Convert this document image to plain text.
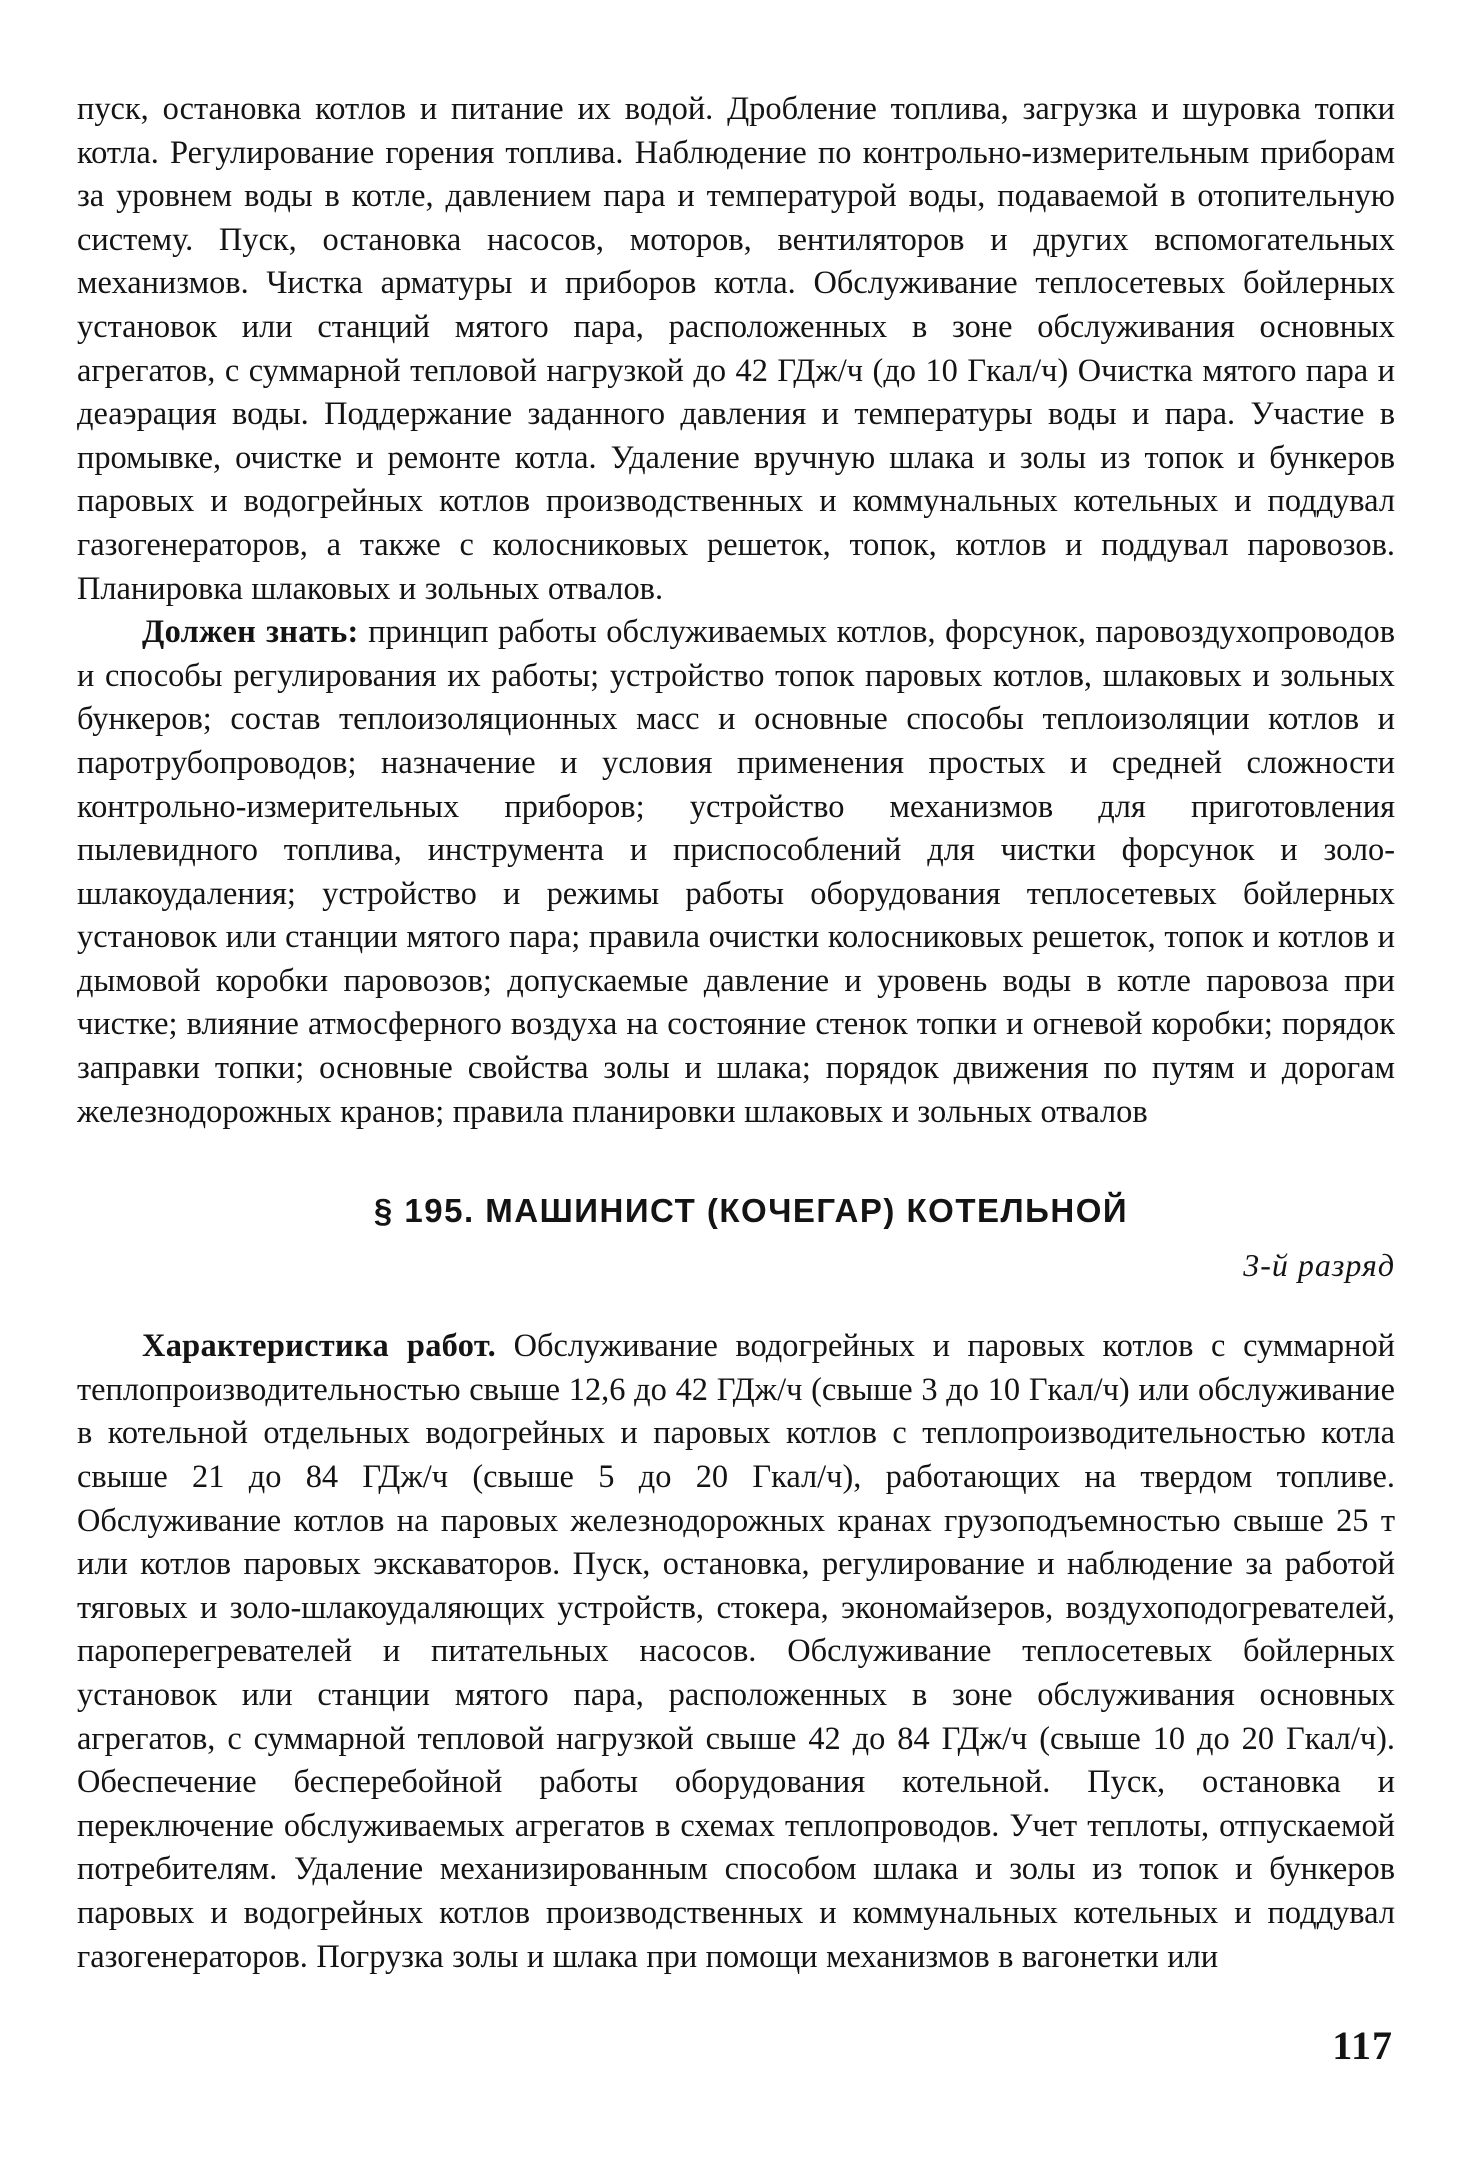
пуск, остановка котлов и питание их водой. Дробление топлива, загрузка и шуровка топки котла. Регулирование горения топлива. Наблюдение по контрольно-измерительным приборам за уровнем воды в котле, давлением пара и температурой воды, подаваемой в отопительную систему. Пуск, остановка насосов, моторов, вентиляторов и других вспомогательных механизмов. Чистка арматуры и приборов котла. Обслуживание теплосетевых бойлерных установок или станций мятого пара, расположенных в зоне обслуживания основных агрегатов, с суммарной тепловой нагрузкой до 42 ГДж/ч (до 10 Гкал/ч) Очистка мятого пара и деаэрация воды. Поддержание заданного давления и температуры воды и пара. Участие в промывке, очистке и ремонте котла. Удаление вручную шлака и золы из топок и бункеров паровых и водогрейных котлов производственных и коммунальных котельных и поддувал газогенераторов, а также с колосниковых решеток, топок, котлов и поддувал паровозов. Планировка шлаковых и зольных отвалов.

Должен знать: принцип работы обслуживаемых котлов, форсунок, паровоздухопроводов и способы регулирования их работы; устройство топок паровых котлов, шлаковых и зольных бункеров; состав теплоизоляционных масс и основные способы теплоизоляции котлов и паротрубопроводов; назначение и условия применения простых и средней сложности контрольно-измерительных приборов; устройство механизмов для приготовления пылевидного топлива, инструмента и приспособлений для чистки форсунок и золо-шлакоудаления; устройство и режимы работы оборудования теплосетевых бойлерных установок или станции мятого пара; правила очистки колосниковых решеток, топок и котлов и дымовой коробки паровозов; допускаемые давление и уровень воды в котле паровоза при чистке; влияние атмосферного воздуха на состояние стенок топки и огневой коробки; порядок заправки топки; основные свойства золы и шлака; порядок движения по путям и дорогам железнодорожных кранов; правила планировки шлаковых и зольных отвалов

§ 195. МАШИНИСТ (КОЧЕГАР) КОТЕЛЬНОЙ
3-й разряд

Характеристика работ. Обслуживание водогрейных и паровых котлов с суммарной теплопроизводительностью свыше 12,6 до 42 ГДж/ч (свыше 3 до 10 Гкал/ч) или обслуживание в котельной отдельных водогрейных и паровых котлов с теплопроизводительностью котла свыше 21 до 84 ГДж/ч (свыше 5 до 20 Гкал/ч), работающих на твердом топливе. Обслуживание котлов на паровых железнодорожных кранах грузоподъемностью свыше 25 т или котлов паровых экскаваторов. Пуск, остановка, регулирование и наблюдение за работой тяговых и золо-шлакоудаляющих устройств, стокера, экономайзеров, воздухоподогревателей, пароперегревателей и питательных насосов. Обслуживание теплосетевых бойлерных установок или станции мятого пара, расположенных в зоне обслуживания основных агрегатов, с суммарной тепловой нагрузкой свыше 42 до 84 ГДж/ч (свыше 10 до 20 Гкал/ч). Обеспечение бесперебойной работы оборудования котельной. Пуск, остановка и переключение обслуживаемых агрегатов в схемах теплопроводов. Учет теплоты, отпускаемой потребителям. Удаление механизированным способом шлака и золы из топок и бункеров паровых и водогрейных котлов производственных и коммунальных котельных и поддувал газогенераторов. Погрузка золы и шлака при помощи механизмов в вагонетки или

117
